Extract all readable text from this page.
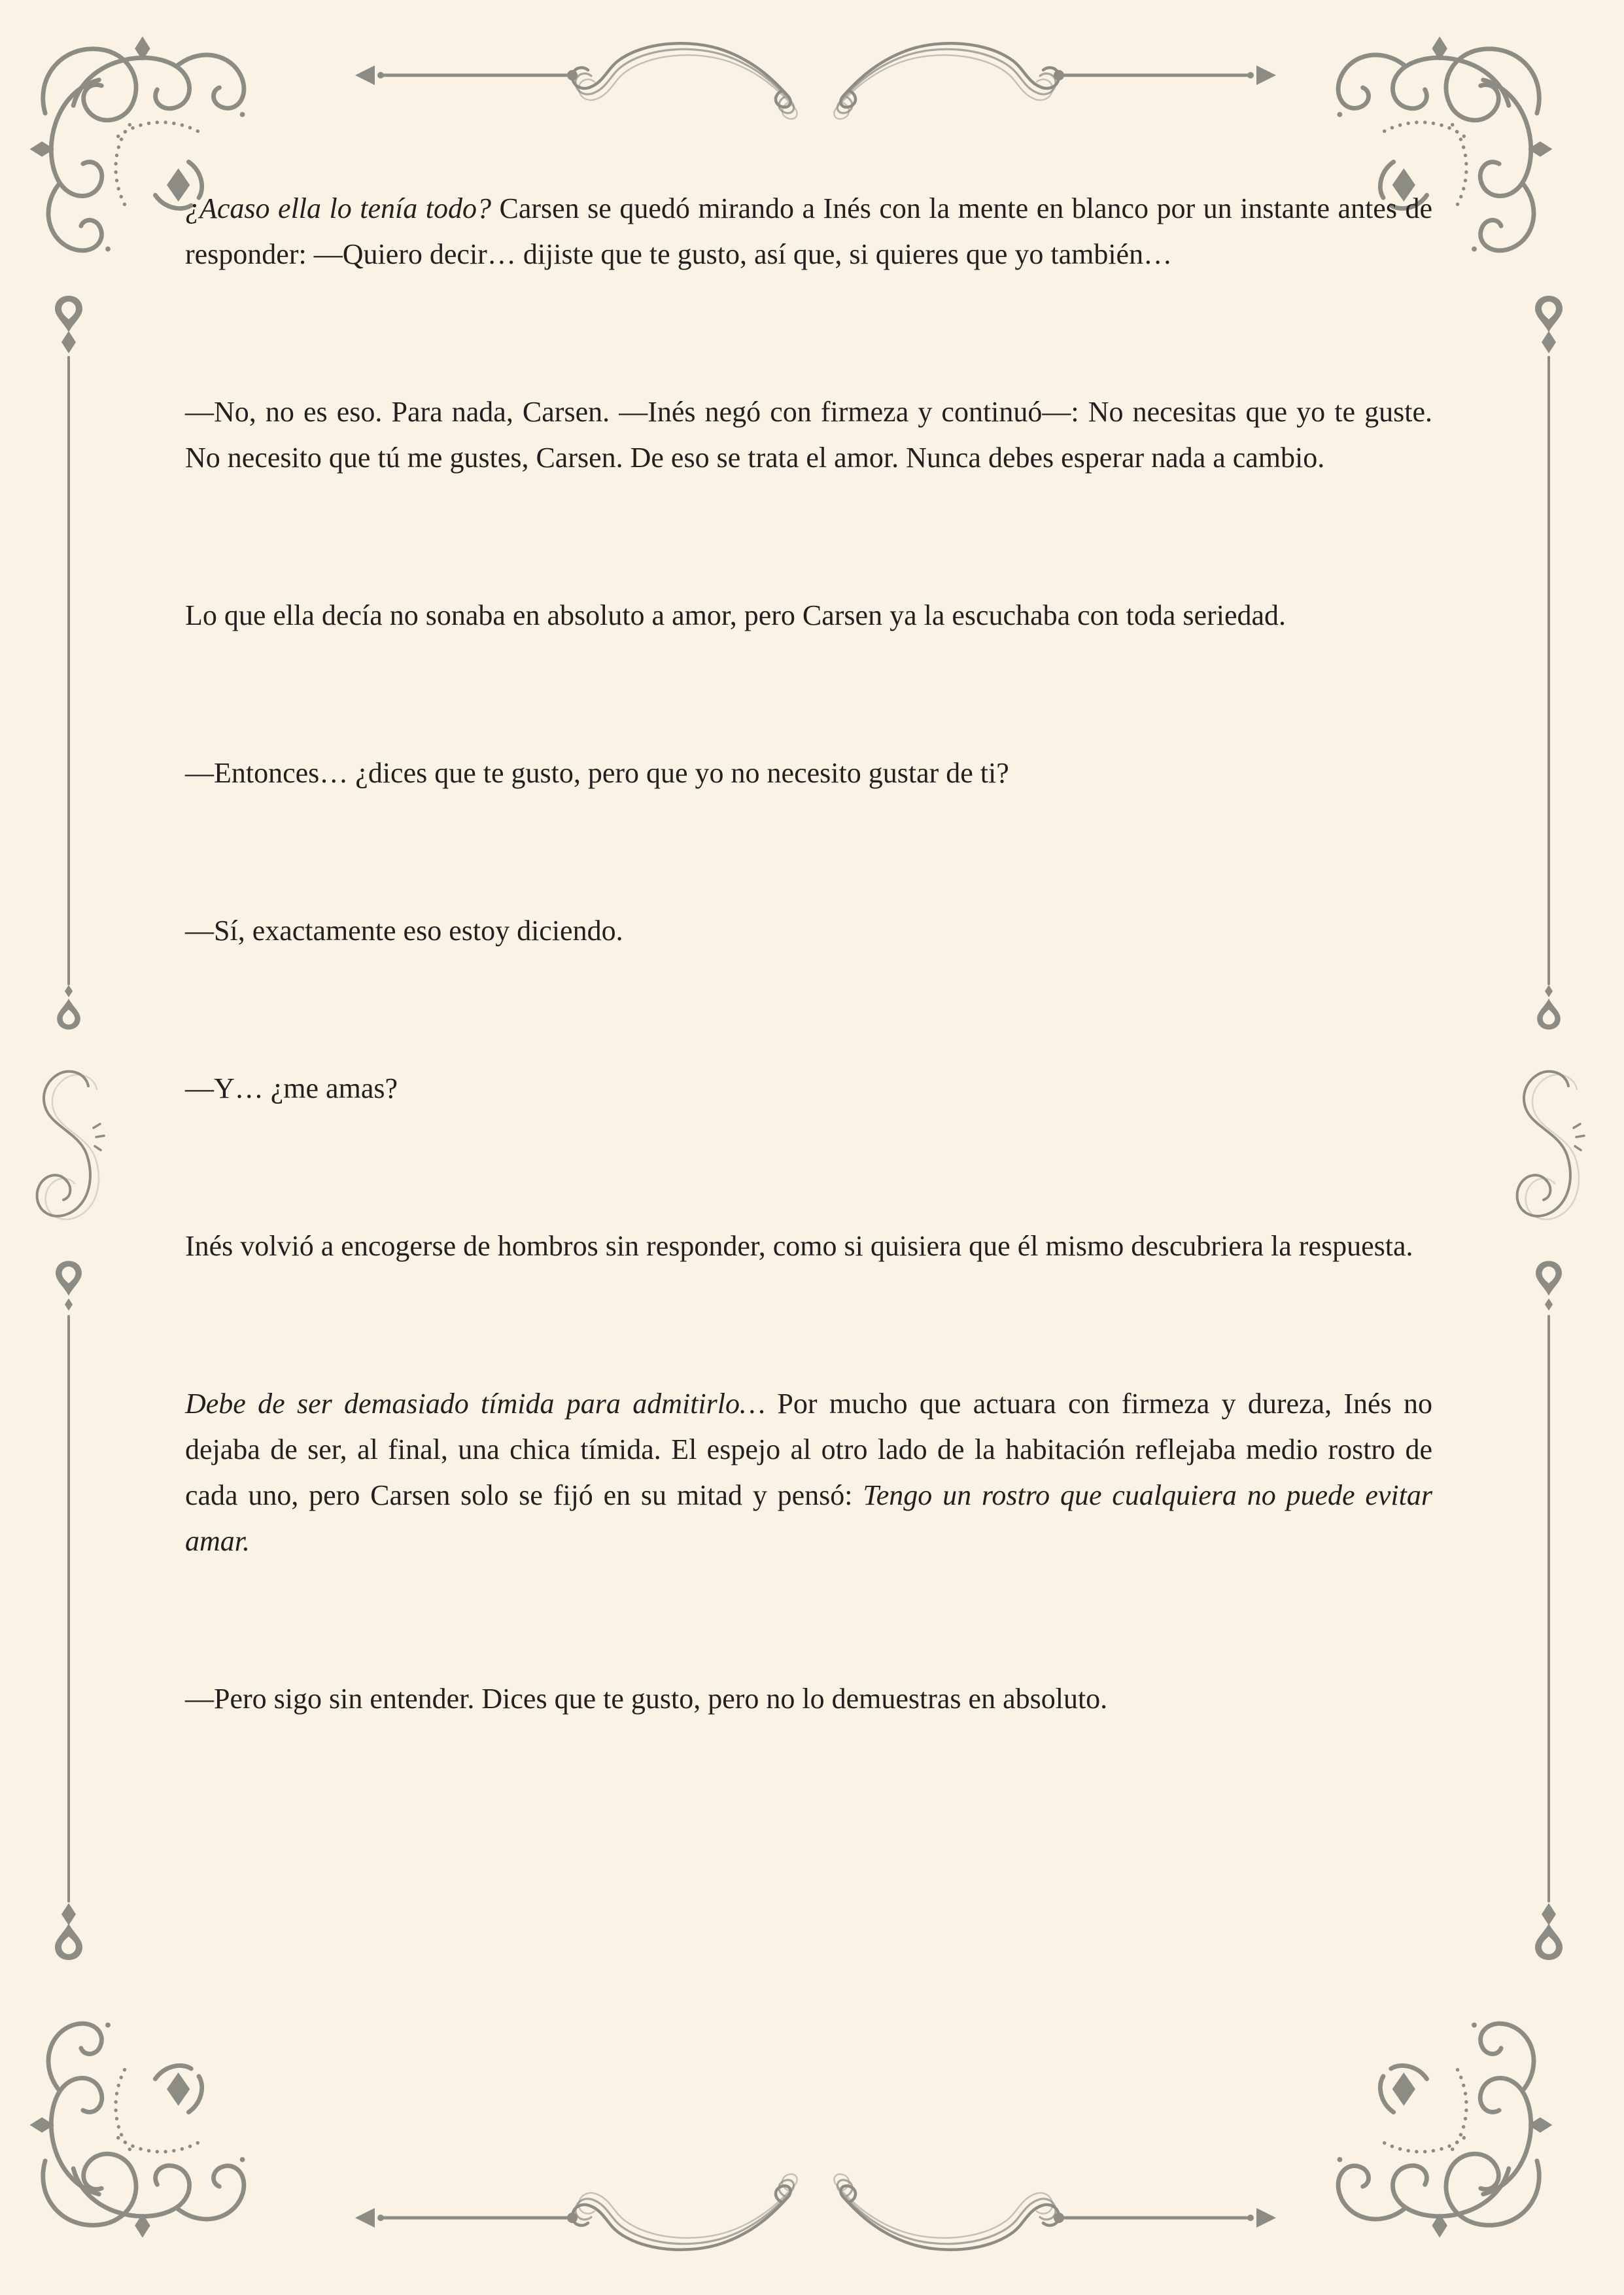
¿Acaso ella lo tenía todo? Carsen se quedó mirando a Inés con la mente en blanco por un instante antes de responder: —Quiero decir… dijiste que te gusto, así que, si quieres que yo también…

—No, no es eso. Para nada, Carsen. —Inés negó con firmeza y continuó—: No necesitas que yo te guste. No necesito que tú me gustes, Carsen. De eso se trata el amor. Nunca debes esperar nada a cambio.

Lo que ella decía no sonaba en absoluto a amor, pero Carsen ya la escuchaba con toda seriedad.

—Entonces… ¿dices que te gusto, pero que yo no necesito gustar de ti?

—Sí, exactamente eso estoy diciendo.

—Y… ¿me amas?

Inés volvió a encogerse de hombros sin responder, como si quisiera que él mismo descubriera la respuesta.

Debe de ser demasiado tímida para admitirlo… Por mucho que actuara con firmeza y dureza, Inés no dejaba de ser, al final, una chica tímida. El espejo al otro lado de la habitación reflejaba medio rostro de cada uno, pero Carsen solo se fijó en su mitad y pensó: Tengo un rostro que cualquiera no puede evitar amar.

—Pero sigo sin entender. Dices que te gusto, pero no lo demuestras en absoluto.
